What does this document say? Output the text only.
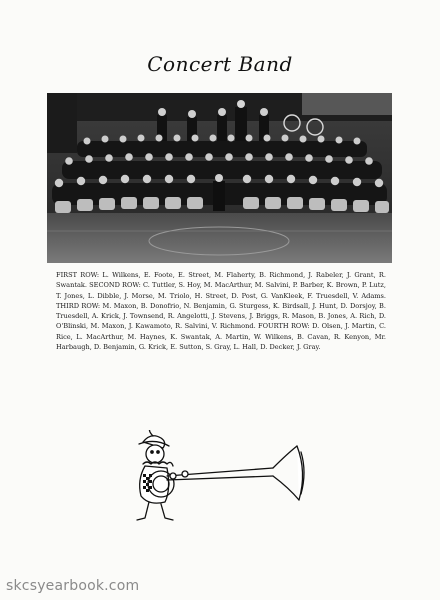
Concert Band
FIRST ROW: L. Wilkens, E. Foote, E. Street, M. Flaherty, B. Richmond, J. Rabeler, J. Grant, R. Swantak. SECOND ROW: C. Tuttler, S. Hoy, M. MacArthur, M. Salvini, P. Barber, K. Brown, P. Lutz, T. Jones, L. Dibble, J. Morse, M. Triolo, H. Street, D. Post, G. VanKleek, F. Truesdell, V. Adams. THIRD ROW: M. Maxon, B. Donofrio, N. Benjamin, G. Sturgess, K. Birdsall, J. Hunt, D. Dorsjoy, B. Truesdell, A. Krick, J. Townsend, R. Angelotti, J. Stevens, J. Briggs, R. Mason, B. Jones, A. Rich, D. O'Blinski, M. Maxon, J. Kawamoto, R. Salvini, V. Richmond. FOURTH ROW: D. Olsen, J. Martin, C. Rice, L. MacArthur, M. Haynes, K. Swantak, A. Martin, W. Wilkens, B. Cavan, R. Kenyon, Mr. Harbaugh, D. Benjamin, G. Krick, E. Sutton, S. Gray, L. Hall, D. Decker, J. Gray.
skcsyearbook.com
